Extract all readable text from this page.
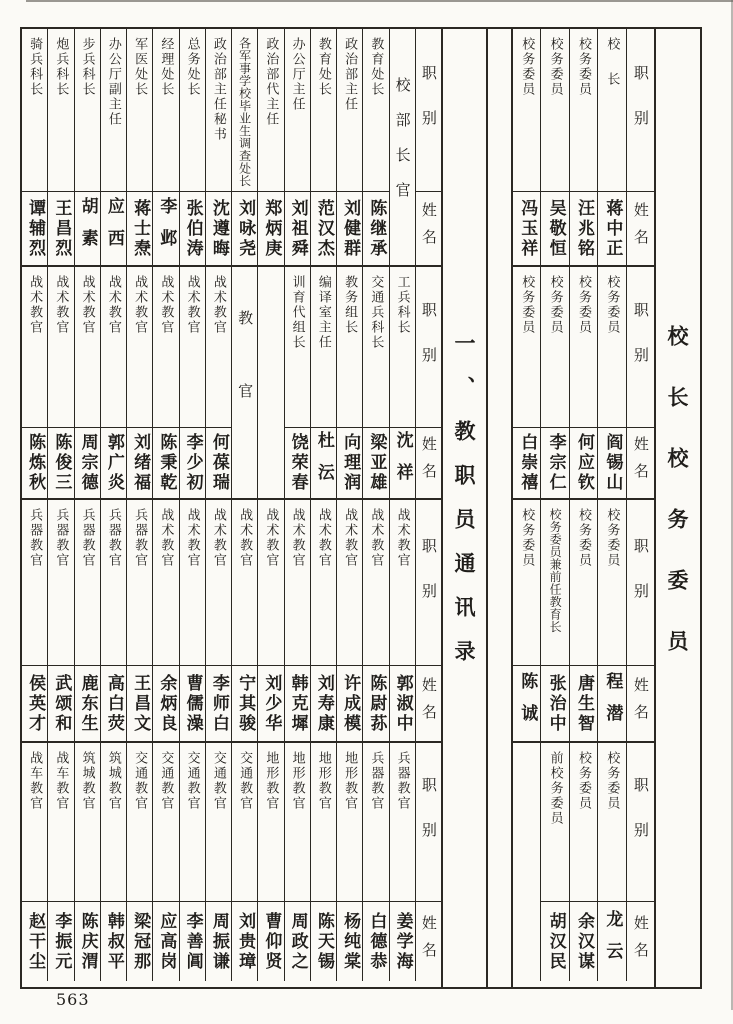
骑兵科长
谭辅烈
炮兵科长
王昌烈
步兵科长
胡素
办公厅副主任
应西
军医处长
蒋士焘
经理处长
李邺
总务处长
张伯涛
政治部主任秘书
沈遵晦
各军事学校毕业生调查处长
刘咏尧
政治部代主任
郑炳庚
办公厅主任
刘祖舜
教育处长
范汉杰
政治部主任
刘健群
教育处长
陈继承
校部长官 职别
姓名
战术教官
陈炼秋
战术教官
陈俊三
战术教官
周宗德
战术教官
郭广炎
战术教官
刘绪福
战术教官
陈秉乾
战术教官
李少初
战术教官
何葆瑞
教官	训育代组长
饶荣春
编译室主任
杜沄
教务组长
向理润
交通兵科长
梁亚雄
工兵科长
沈祥
职别
姓名
兵器教官
侯英才
兵器教官
武颂和
兵器教官
鹿东生
兵器教官
高白荧
兵器教官
王昌文
战术教官
余炳良
战术教官
曹儒澡
战术教官
李师白
战术教官
宁其骏
战术教官
刘少华
战术教官
韩克墀
战术教官
刘寿康
战术教官
许成模
战术教官
陈尉荪
战术教官
郭淑中
职别
姓名
战车教官
赵干尘
战车教官
李振元
筑城教官
陈庆渭
筑城教官
韩叔平
交通教官
梁冠那
交通教官
应高岗
交通教官
李善阊
交通教官
周振谦
交通教官
刘贵璋
地形教官
曹仰贤
地形教官
周政之
地形教官
陈天锡
地形教官
杨纯棠
兵器教官
白德恭
兵器教官
姜学海
职别
姓名
一、教职员通讯录
校务委员
冯玉祥
校务委员
吴敬恒
校务委员
汪兆铭
校长
蒋中正
职别
姓名
校务委员
白崇禧
校务委员
李宗仁
校务委员
何应钦
校务委员
阎锡山
职别
姓名
校务委员
陈诚
校务委员兼前任教育长
张治中
校务委员
唐生智
校务委员
程潜
职别
姓名
前校务委员
胡汉民
校务委员
余汉谋
校务委员
龙云
职别
姓名
校长校务委员
563
